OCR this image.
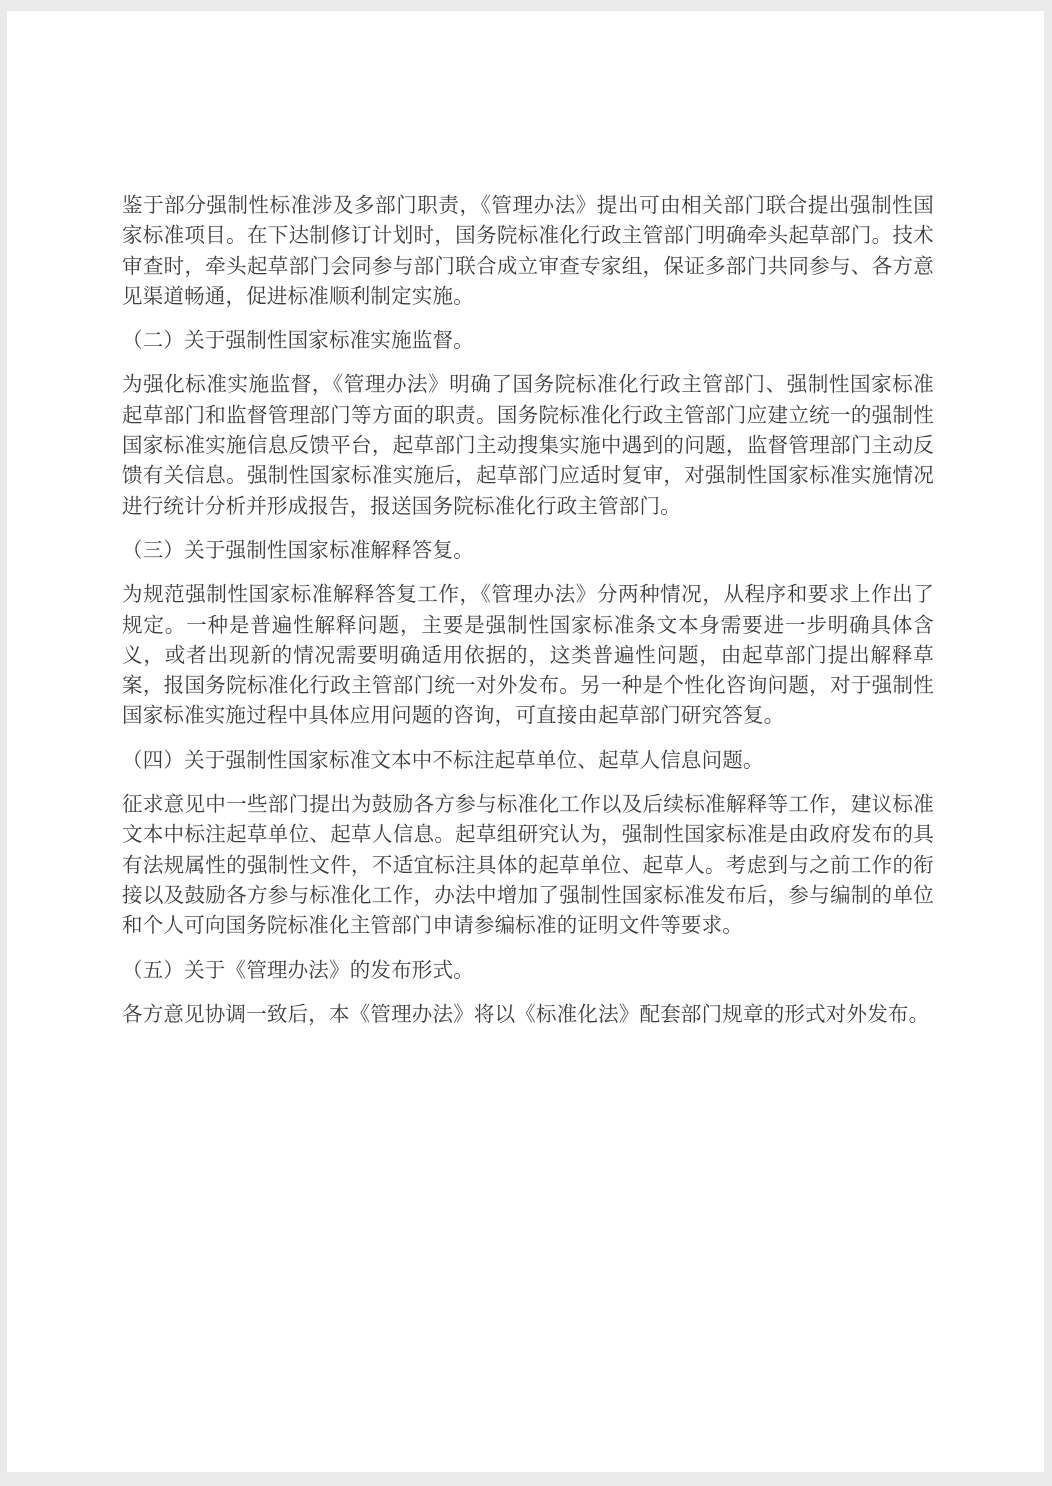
鉴于部分强制性标准涉及多部门职责，《管理办法》提出可由相关部门联合提出强制性国家标准项目。在下达制修订计划时，国务院标准化行政主管部门明确牵头起草部门。技术审查时，牵头起草部门会同参与部门联合成立审查专家组，保证多部门共同参与、各方意见渠道畅通，促进标准顺利制定实施。

（二）关于强制性国家标准实施监督。

为强化标准实施监督，《管理办法》明确了国务院标准化行政主管部门、强制性国家标准起草部门和监督管理部门等方面的职责。国务院标准化行政主管部门应建立统一的强制性国家标准实施信息反馈平台，起草部门主动搜集实施中遇到的问题，监督管理部门主动反馈有关信息。强制性国家标准实施后，起草部门应适时复审，对强制性国家标准实施情况进行统计分析并形成报告，报送国务院标准化行政主管部门。

（三）关于强制性国家标准解释答复。

为规范强制性国家标准解释答复工作，《管理办法》分两种情况，从程序和要求上作出了规定。一种是普遍性解释问题，主要是强制性国家标准条文本身需要进一步明确具体含义，或者出现新的情况需要明确适用依据的，这类普遍性问题，由起草部门提出解释草案，报国务院标准化行政主管部门统一对外发布。另一种是个性化咨询问题，对于强制性国家标准实施过程中具体应用问题的咨询，可直接由起草部门研究答复。

（四）关于强制性国家标准文本中不标注起草单位、起草人信息问题。

征求意见中一些部门提出为鼓励各方参与标准化工作以及后续标准解释等工作，建议标准文本中标注起草单位、起草人信息。起草组研究认为，强制性国家标准是由政府发布的具有法规属性的强制性文件，不适宜标注具体的起草单位、起草人。考虑到与之前工作的衔接以及鼓励各方参与标准化工作，办法中增加了强制性国家标准发布后，参与编制的单位和个人可向国务院标准化主管部门申请参编标准的证明文件等要求。

（五）关于《管理办法》的发布形式。

各方意见协调一致后，本《管理办法》将以《标准化法》配套部门规章的形式对外发布。
